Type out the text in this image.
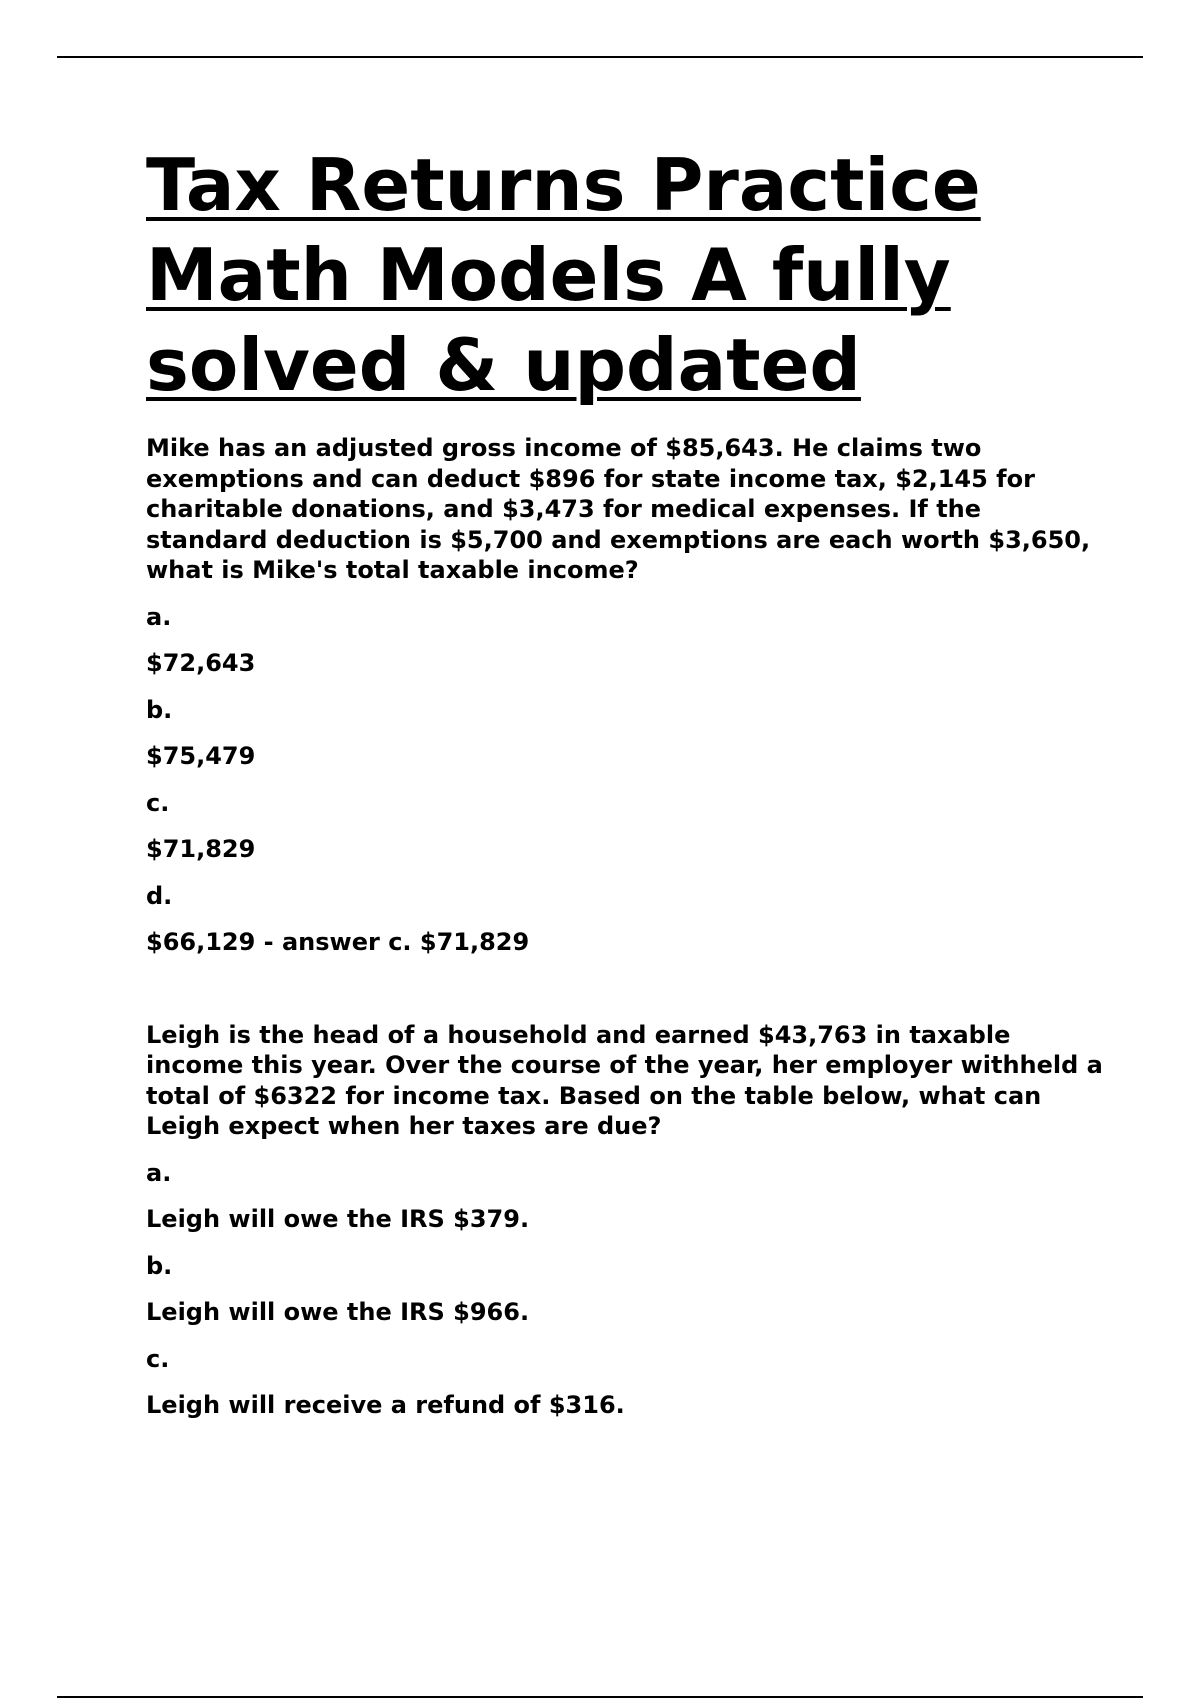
Tax Returns Practice Math Models A fully solved & updated

Mike has an adjusted gross income of $85,643. He claims two exemptions and can deduct $896 for state income tax, $2,145 for charitable donations, and $3,473 for medical expenses. If the standard deduction is $5,700 and exemptions are each worth $3,650, what is Mike's total taxable income?

a.

$72,643

b.

$75,479

c.

$71,829

d.

$66,129 - answer c. $71,829

Leigh is the head of a household and earned $43,763 in taxable income this year. Over the course of the year, her employer withheld a total of $6322 for income tax. Based on the table below, what can Leigh expect when her taxes are due?

a.

Leigh will owe the IRS $379.

b.

Leigh will owe the IRS $966.

c.

Leigh will receive a refund of $316.
